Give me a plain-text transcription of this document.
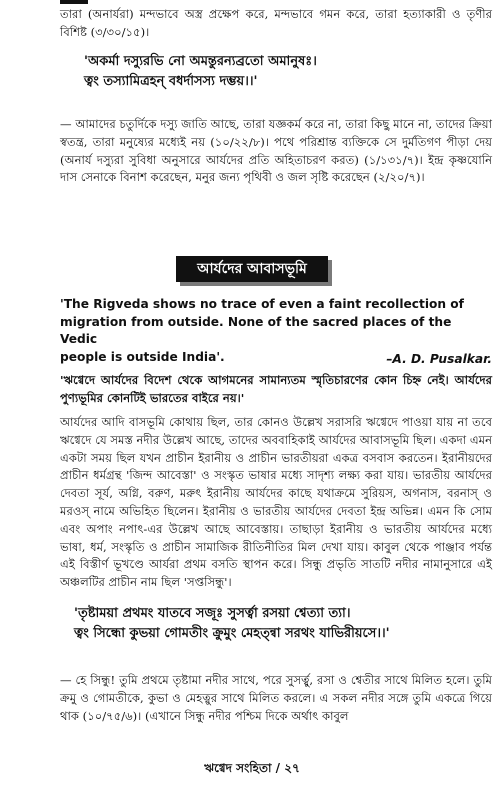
তারা (অনার্যরা) মন্দভাবে অস্ত্র প্রক্ষেপ করে, মন্দভাবে গমন করে, তারা হত্যাকারী ও তৃণীর বিশিষ্ট (৩/৩০/১৫)।

'অকর্মা দস্যুরভি নো অমন্তুরন্যব্রতো অমানুষঃ।
ত্বং তস্যামিত্রহন্‌ বধর্দাসস্য দম্ভয়।।'

— আমাদের চতুর্দিকে দস্যু জাতি আছে, তারা যজ্ঞকর্ম করে না, তারা কিছু মানে না, তাদের ক্রিয়া স্বতন্ত্র, তারা মনুষ্যের মধ্যেই নয় (১০/২২/৮)। পথে পরিশ্রান্ত ব্যক্তিকে সে দুর্মতিগণ পীড়া দেয় (অনার্য দস্যুরা সুবিধা অনুসারে আর্যদের প্রতি অহিতাচরণ করত) (১/১৩১/৭)। ইন্দ্র কৃষ্ণযোনি দাস সেনাকে বিনাশ করেছেন, মনুর জন্য পৃথিবী ও জল সৃষ্টি করেছেন (২/২০/৭)।

আর্যদের আবাসভূমি
'The Rigveda shows no trace of even a faint recollection of
migration from outside. None of the sacred places of the Vedic
people is outside India'.	–A. D. Pusalkar.

'ঋগ্বেদে আর্যদের বিদেশ থেকে আগমনের সামান্যতম স্মৃতিচারণের কোন চিহ্ন নেই। আর্যদের পুণ্যভূমির কোনটিই ভারতের বাইরে নয়।'

আর্যদের আদি বাসভূমি কোথায় ছিল, তার কোনও উল্লেখ সরাসরি ঋগ্বেদে পাওয়া যায় না তবে ঋগ্বেদে যে সমস্ত নদীর উল্লেখ আছে, তাদের অববাহিকাই আর্যদের আবাসভূমি ছিল। একদা এমন একটা সময় ছিল যখন প্রাচীন ইরানীয় ও প্রাচীন ভারতীয়রা একত্র বসবাস করতেন। ইরানীয়দের প্রাচীন ধর্মগ্রন্থ 'জিন্দ আবেস্তা' ও সংস্কৃত ভাষার মধ্যে সাদৃশ্য লক্ষ্য করা যায়। ভারতীয় আর্যদের দেবতা সূর্য, অগ্নি, বরুণ, মরুৎ ইরানীয় আর্যদের কাছে যথাক্রমে সুরিয়স, অগনাস, বরনাস্‌ ও মরওস্‌ নামে অভিহিত ছিলেন। ইরানীয় ও ভারতীয় আর্যদের দেবতা ইন্দ্র অভিন্ন। এমন কি সোম এবং অপাং নপাৎ-এর উল্লেখ আছে আবেস্তায়। তাছাড়া ইরানীয় ও ভারতীয় আর্যদের মধ্যে ভাষা, ধর্ম, সংস্কৃতি ও প্রাচীন সামাজিক রীতিনীতির মিল দেখা যায়। কাবুল থেকে পাঞ্জাব পর্যন্ত এই বিস্তীর্ণ ভূখণ্ডে আর্যরা প্রথম বসতি স্থাপন করে। সিন্ধু প্রভৃতি সাতটি নদীর নামানুসারে এই অঞ্চলটির প্রাচীন নাম ছিল 'সপ্তসিন্ধু'।

'তৃষ্টাময়া প্রথমং যাতবে সজূঃ সুসর্ত্বা রসয়া শ্বেত্যা ত্যা।
ত্বং সিন্ধো কুভয়া গোমতীং ক্রুমুং মেহত্ন্বা সরথং যাভিরীয়সে।।'

— হে সিন্ধু! তুমি প্রথমে তৃষ্টামা নদীর সাথে, পরে সুসর্ত্বু, রসা ও শ্বেতীর সাথে মিলিত হলে। তুমি ক্রমু ও গোমতীকে, কুভা ও মেহত্নুর সাথে মিলিত করলে। এ সকল নদীর সঙ্গে তুমি একত্রে গিয়ে থাক (১০/৭৫/৬)। (এখানে সিন্ধু নদীর পশ্চিম দিকে অর্থাৎ কাবুল

ঋগ্বেদ সংহিতা / ২৭
